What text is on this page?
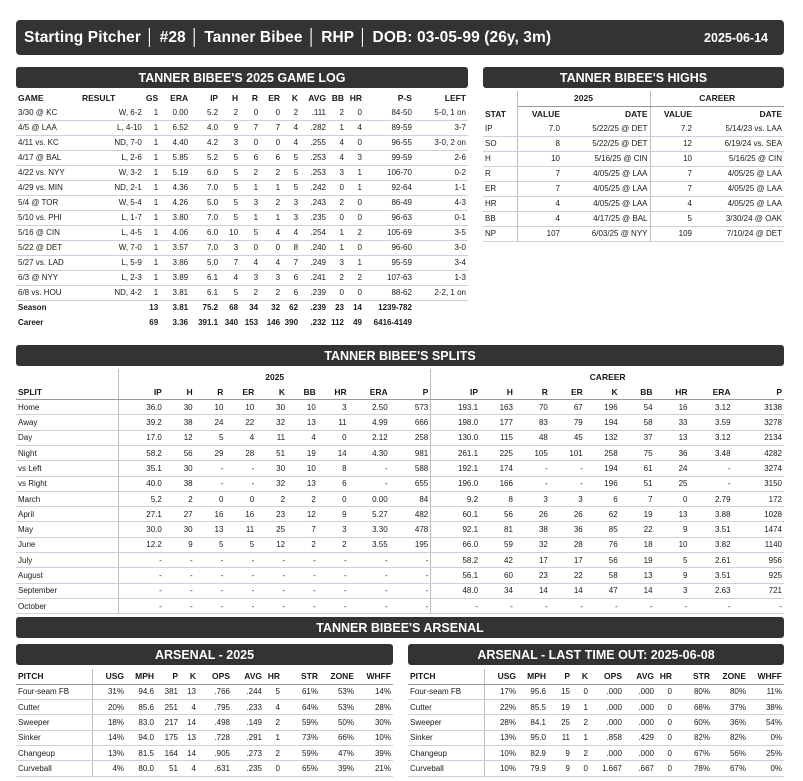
Starting Pitcher │ #28 │ Tanner Bibee │ RHP │ DOB: 03-05-99 (26y, 3m)	2025-06-14
TANNER BIBEE'S 2025 GAME LOG
GAME	RESULT	GS	ERA	IP	H	R	ER	K	AVG	BB	HR	P-S	LEFT
3/30 @ KC	W, 6-2	1	0.00	5.2	2	0	0	2	.111	2	0	84-50	5-0, 1 on
4/5 @ LAA	L, 4-10	1	6.52	4.0	9	7	7	4	.282	1	4	89-59	3-7
4/11 vs. KC	ND, 7-0	1	4.40	4.2	3	0	0	4	.255	4	0	96-55	3-0, 2 on
4/17 @ BAL	L, 2-6	1	5.85	5.2	5	6	6	5	.253	4	3	99-59	2-6
4/22 vs. NYY	W, 3-2	1	5.19	6.0	5	2	2	5	.253	3	1	106-70	0-2
4/29 vs. MIN	ND, 2-1	1	4.36	7.0	5	1	1	5	.242	0	1	92-64	1-1
5/4 @ TOR	W, 5-4	1	4.26	5.0	5	3	2	3	.243	2	0	86-49	4-3
5/10 vs. PHI	L, 1-7	1	3.80	7.0	5	1	1	3	.235	0	0	96-63	0-1
5/16 @ CIN	L, 4-5	1	4.06	6.0	10	5	4	4	.254	1	2	105-69	3-5
5/22 @ DET	W, 7-0	1	3.57	7.0	3	0	0	8	.240	1	0	96-60	3-0
5/27 vs. LAD	L, 5-9	1	3.86	5.0	7	4	4	7	.249	3	1	95-59	3-4
6/3 @ NYY	L, 2-3	1	3.89	6.1	4	3	3	6	.241	2	2	107-63	1-3
6/8 vs. HOU	ND, 4-2	1	3.81	6.1	5	2	2	6	.239	0	0	88-62	2-2, 1 on
Season		13	3.81	75.2	68	34	32	62	.239	23	14	1239-782	
Career		69	3.36	391.1	340	153	146	390	.232	112	49	6416-4149	
TANNER BIBEE'S HIGHS
	2025		CAREER	
STAT	VALUE	DATE	VALUE	DATE
IP	7.0	5/22/25 @ DET	7.2	5/14/23 vs. LAA
SO	8	5/22/25 @ DET	12	6/19/24 vs. SEA
H	10	5/16/25 @ CIN	10	5/16/25 @ CIN
R	7	4/05/25 @ LAA	7	4/05/25 @ LAA
ER	7	4/05/25 @ LAA	7	4/05/25 @ LAA
HR	4	4/05/25 @ LAA	4	4/05/25 @ LAA
BB	4	4/17/25 @ BAL	5	3/30/24 @ OAK
NP	107	6/03/25 @ NYY	109	7/10/24 @ DET
TANNER BIBEE'S SPLITS
	2025									CAREER								
SPLIT	IP	H	R	ER	K	BB	HR	ERA	P	IP	H	R	ER	K	BB	HR	ERA	P
Home	36.0	30	10	10	30	10	3	2.50	573	193.1	163	70	67	196	54	16	3.12	3138
Away	39.2	38	24	22	32	13	11	4.99	666	198.0	177	83	79	194	58	33	3.59	3278
Day	17.0	12	5	4	11	4	0	2.12	258	130.0	115	48	45	132	37	13	3.12	2134
Night	58.2	56	29	28	51	19	14	4.30	981	261.1	225	105	101	258	75	36	3.48	4282
vs Left	35.1	30	-	-	30	10	8	-	588	192.1	174	-	-	194	61	24	-	3274
vs Right	40.0	38	-	-	32	13	6	-	655	196.0	166	-	-	196	51	25	-	3150
March	5.2	2	0	0	2	2	0	0.00	84	9.2	8	3	3	6	7	0	2.79	172
April	27.1	27	16	16	23	12	9	5.27	482	60.1	56	26	26	62	19	13	3.88	1028
May	30.0	30	13	11	25	7	3	3.30	478	92.1	81	38	36	85	22	9	3.51	1474
June	12.2	9	5	5	12	2	2	3.55	195	66.0	59	32	28	76	18	10	3.82	1140
July	-	-	-	-	-	-	-	-	-	58.2	42	17	17	56	19	5	2.61	956
August	-	-	-	-	-	-	-	-	-	56.1	60	23	22	58	13	9	3.51	925
September	-	-	-	-	-	-	-	-	-	48.0	34	14	14	47	14	3	2.63	721
October	-	-	-	-	-	-	-	-	-	-	-	-	-	-	-	-	-	-
TANNER BIBEE'S ARSENAL
ARSENAL - 2025	ARSENAL - LAST TIME OUT: 2025-06-08
PITCH	USG	MPH	P	K	OPS	AVG	HR	STR	ZONE	WHFF
Four-seam FB	31%	94.6	381	13	.766	.244	5	61%	53%	14%
Cutter	20%	85.6	251	4	.795	.233	4	64%	53%	28%
Sweeper	18%	83.0	217	14	.498	.149	2	59%	50%	30%
Sinker	14%	94.0	175	13	.728	.291	1	73%	66%	10%
Changeup	13%	81.5	164	14	.905	.273	2	59%	47%	39%
Curveball	4%	80.0	51	4	.631	.235	0	65%	39%	21%
PITCH	USG	MPH	P	K	OPS	AVG	HR	STR	ZONE	WHFF
Four-seam FB	17%	95.6	15	0	.000	.000	0	80%	80%	11%
Cutter	22%	85.5	19	1	.000	.000	0	68%	37%	38%
Sweeper	28%	84.1	25	2	.000	.000	0	60%	36%	54%
Sinker	13%	95.0	11	1	.858	.429	0	82%	82%	0%
Changeup	10%	82.9	9	2	.000	.000	0	67%	56%	25%
Curveball	10%	79.9	9	0	1.667	.667	0	78%	67%	0%
